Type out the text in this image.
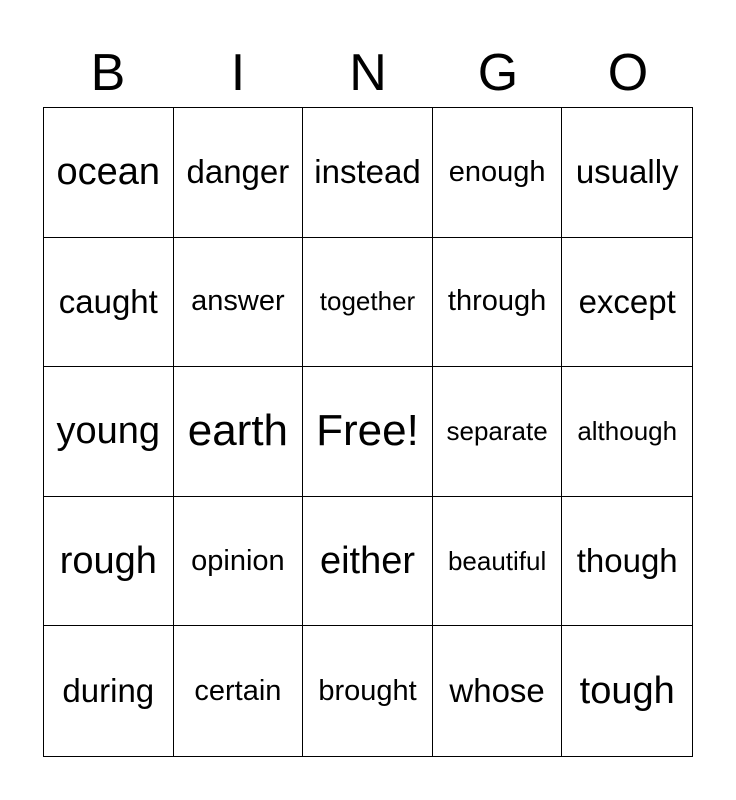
B	I	N	G	O
ocean danger instead enough usually
caught	answer	together	through except
young earth Free!	separate	although
rough	opinion either	beautiful though
during	certain	brought whose tough
